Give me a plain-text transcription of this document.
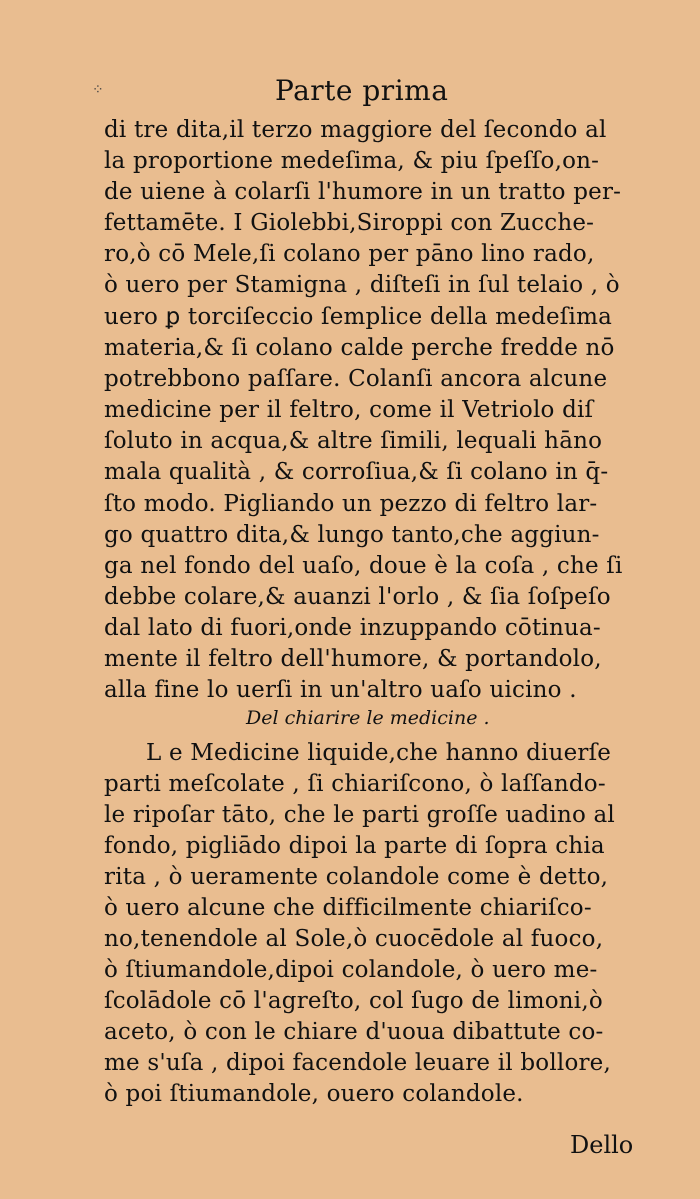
⁘	Parte prima
di tre dita,il terzo maggiore del ſecondo al
la proportione medeſima, & piu ſpeſſo,on-
de uiene à colarſi l'humore in un tratto per-
fettamēte. I Giolebbi,Siroppi con Zucche-
ro,ò cō Mele,ſi colano per pāno lino rado,
ò uero per Stamigna , diſteſi in ſul telaio , ò
uero ꝑ torciſeccio ſemplice della medeſima
materia,& ſi colano calde perche fredde nō
potrebbono paſſare. Colanſi ancora alcune
medicine per il feltro, come il Vetriolo diſ
ſoluto in acqua,& altre ſimili, lequali hāno
mala qualità , & corroſiua,& ſi colano in q̄-
ſto modo. Pigliando un pezzo di feltro lar-
go quattro dita,& lungo tanto,che aggiun-
ga nel fondo del uaſo, doue è la coſa , che ſi
debbe colare,& auanzi l'orlo , & ſia ſoſpeſo
dal lato di fuori,onde inzuppando cōtinua-
mente il feltro dell'humore, & portandolo,
alla fine lo uerſi in un'altro uaſo uicino .
Del chiarire le medicine .
L e Medicine liquide,che hanno diuerſe
parti meſcolate , ſi chiariſcono, ò laſſando-
le ripoſar tāto, che le parti groſſe uadino al
fondo, pigliādo dipoi la parte di ſopra chia
rita , ò ueramente colandole come è detto,
ò uero alcune che difficilmente chiariſco-
no,tenendole al Sole,ò cuocēdole al fuoco,
ò ſtiumandole,dipoi colandole, ò uero me-
ſcolādole cō l'agreſto, col ſugo de limoni,ò
aceto, ò con le chiare d'uoua dibattute co-
me s'uſa , dipoi facendole leuare il bollore,
ò poi ſtiumandole, ouero colandole.
Dello
